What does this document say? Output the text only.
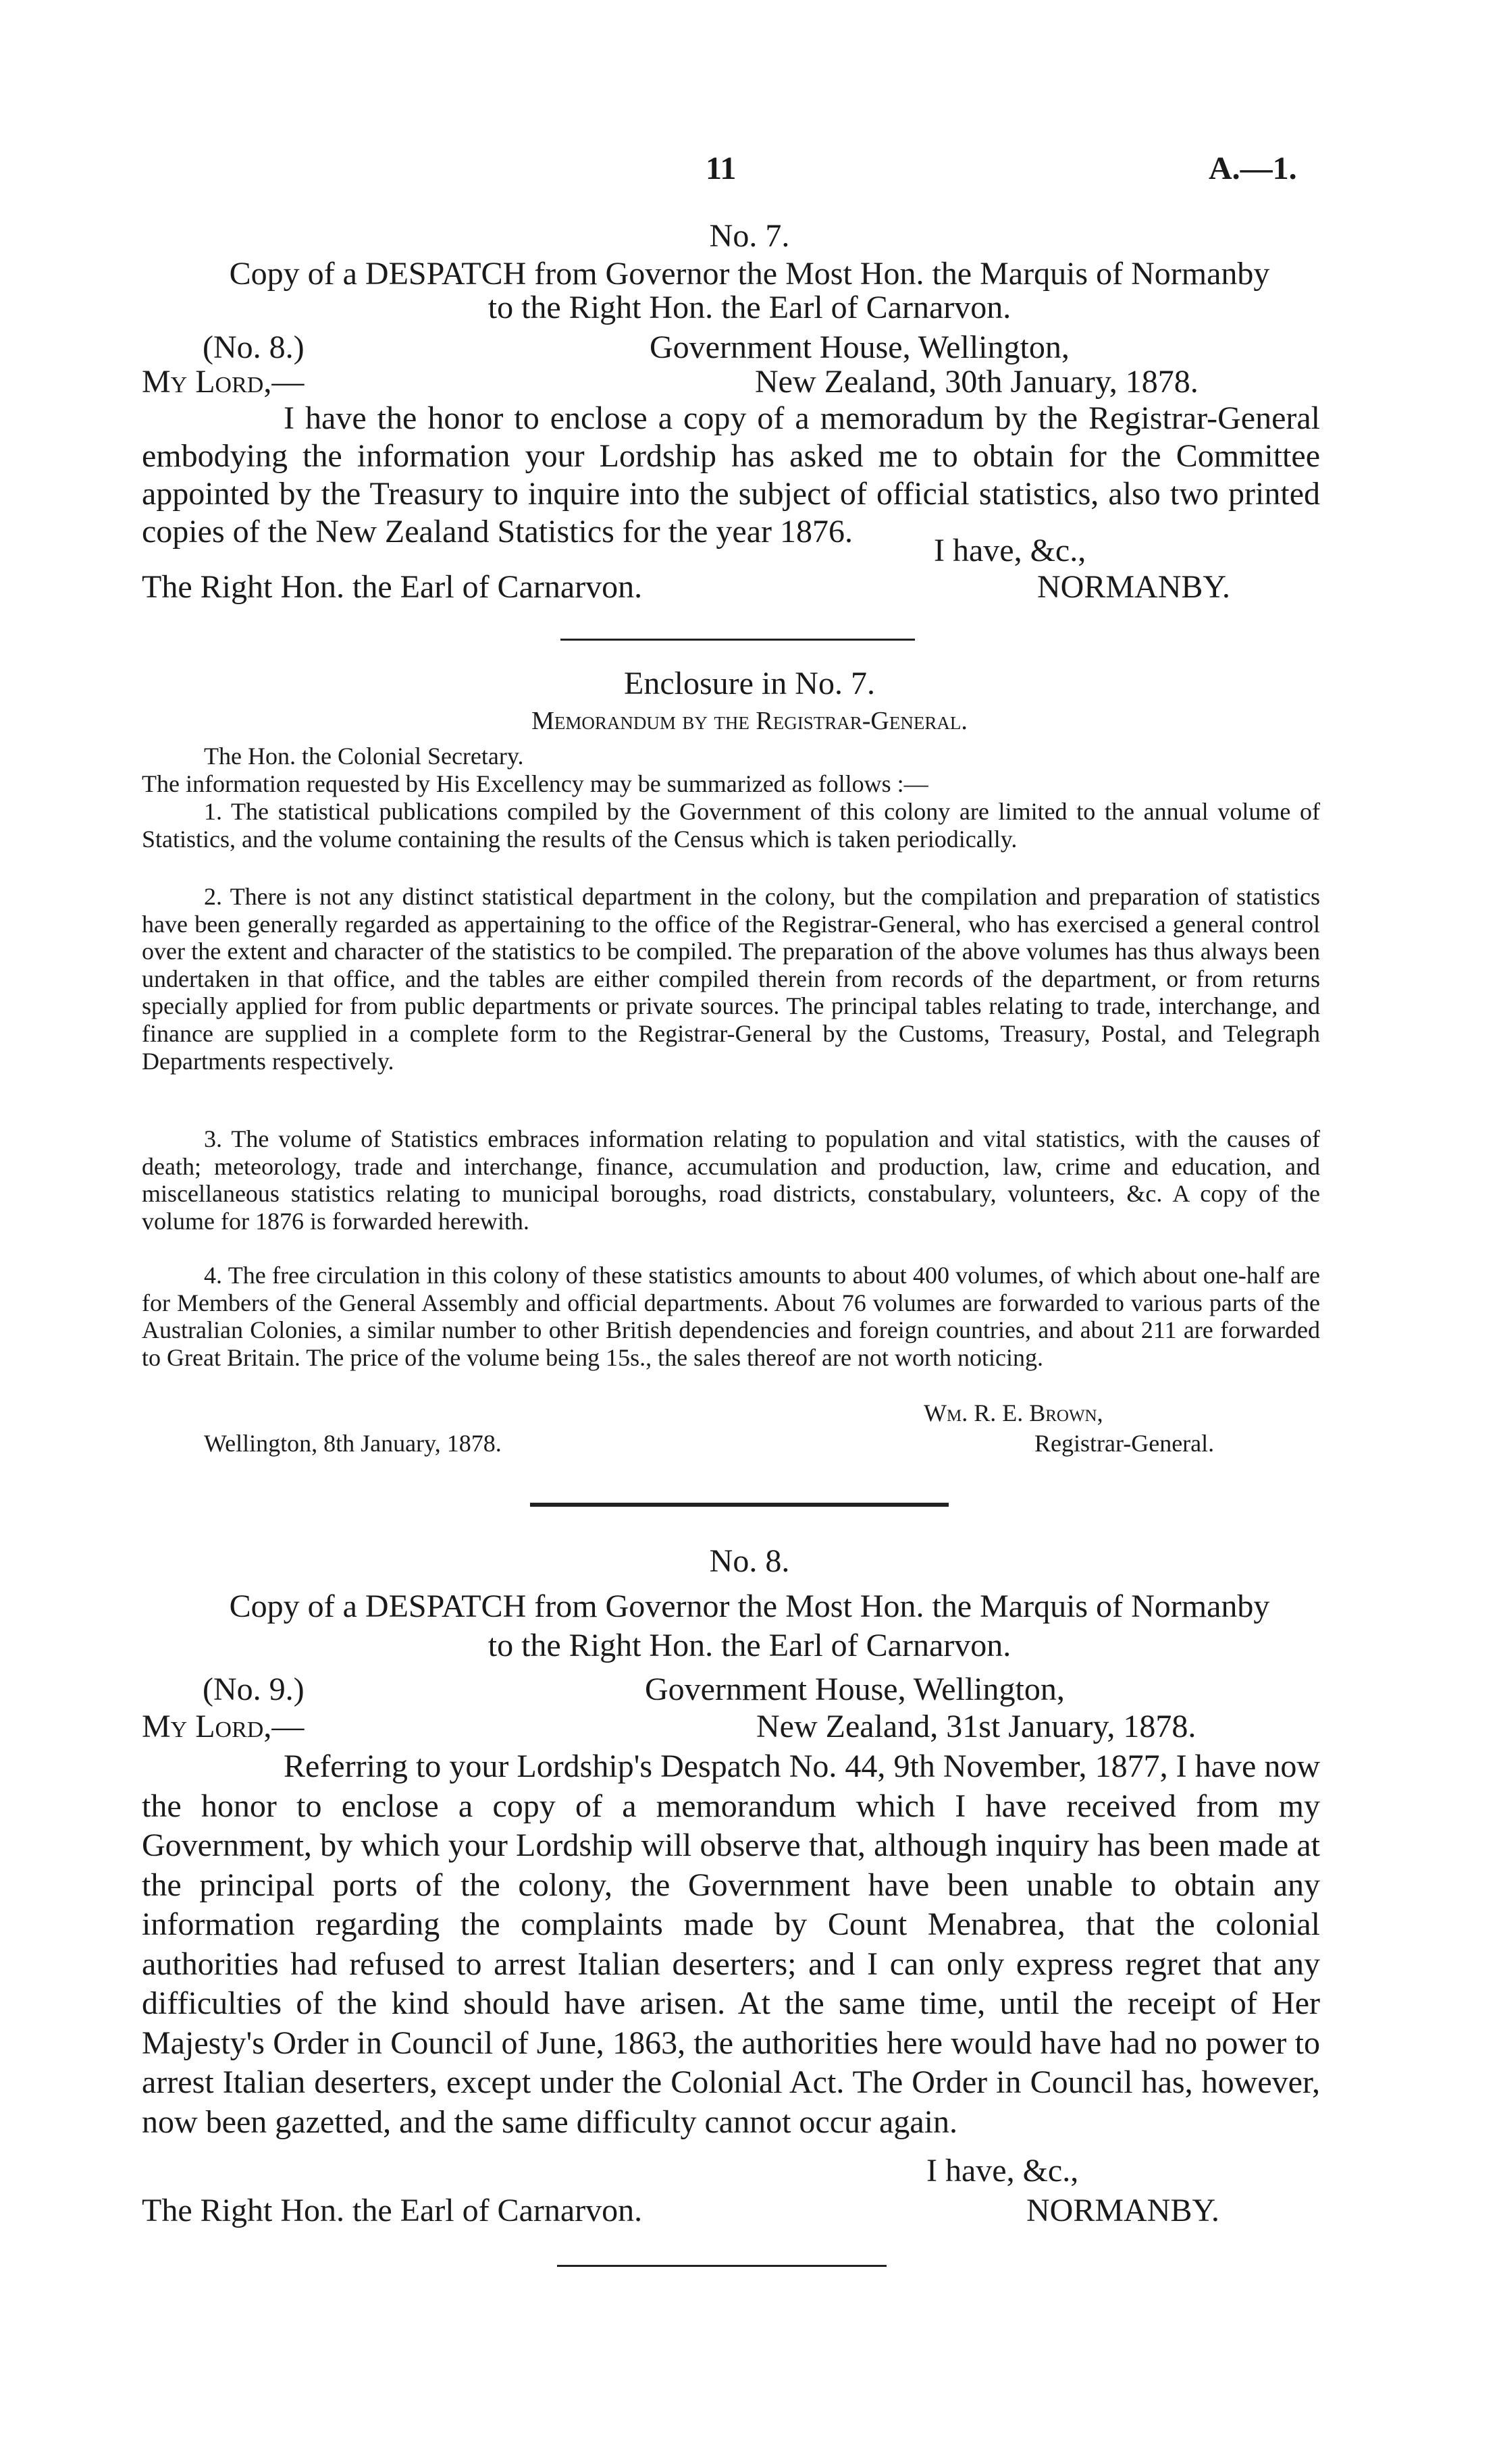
11	A.—1.
No. 7.
Copy of a DESPATCH from Governor the Most Hon. the Marquis of Normanby
to the Right Hon. the Earl of Carnarvon.
(No. 8.)	Government House, Wellington,
My Lord,—	New Zealand, 30th January, 1878.
I have the honor to enclose a copy of a memoradum by the Registrar-General embodying the information your Lordship has asked me to obtain for the Committee appointed by the Treasury to inquire into the subject of official statistics, also two printed copies of the New Zealand Statistics for the year 1876.
I have, &c.,
The Right Hon. the Earl of Carnarvon.	NORMANBY.
Enclosure in No. 7.
Memorandum by the Registrar-General.
The Hon. the Colonial Secretary.
The information requested by His Excellency may be summarized as follows :—
1. The statistical publications compiled by the Government of this colony are limited to the annual volume of Statistics, and the volume containing the results of the Census which is taken periodically.
2. There is not any distinct statistical department in the colony, but the compilation and preparation of statistics have been generally regarded as appertaining to the office of the Registrar-General, who has exercised a general control over the extent and character of the statistics to be compiled. The preparation of the above volumes has thus always been undertaken in that office, and the tables are either compiled therein from records of the department, or from returns specially applied for from public departments or private sources. The principal tables relating to trade, interchange, and finance are supplied in a complete form to the Registrar-General by the Customs, Treasury, Postal, and Telegraph Departments respectively.
3. The volume of Statistics embraces information relating to population and vital statistics, with the causes of death; meteorology, trade and interchange, finance, accumulation and production, law, crime and education, and miscellaneous statistics relating to municipal boroughs, road districts, constabulary, volunteers, &c. A copy of the volume for 1876 is forwarded herewith.
4. The free circulation in this colony of these statistics amounts to about 400 volumes, of which about one-half are for Members of the General Assembly and official departments. About 76 volumes are forwarded to various parts of the Australian Colonies, a similar number to other British dependencies and foreign countries, and about 211 are forwarded to Great Britain. The price of the volume being 15s., the sales thereof are not worth noticing.
Wm. R. E. Brown,
Wellington, 8th January, 1878.	Registrar-General.
No. 8.
Copy of a DESPATCH from Governor the Most Hon. the Marquis of Normanby
to the Right Hon. the Earl of Carnarvon.
(No. 9.)	Government House, Wellington,
My Lord,—	New Zealand, 31st January, 1878.
Referring to your Lordship's Despatch No. 44, 9th November, 1877, I have now the honor to enclose a copy of a memorandum which I have received from my Government, by which your Lordship will observe that, although inquiry has been made at the principal ports of the colony, the Government have been unable to obtain any information regarding the complaints made by Count Menabrea, that the colonial authorities had refused to arrest Italian deserters; and I can only express regret that any difficulties of the kind should have arisen. At the same time, until the receipt of Her Majesty's Order in Council of June, 1863, the authorities here would have had no power to arrest Italian deserters, except under the Colonial Act. The Order in Council has, however, now been gazetted, and the same difficulty cannot occur again.
I have, &c.,
The Right Hon. the Earl of Carnarvon.	NORMANBY.
